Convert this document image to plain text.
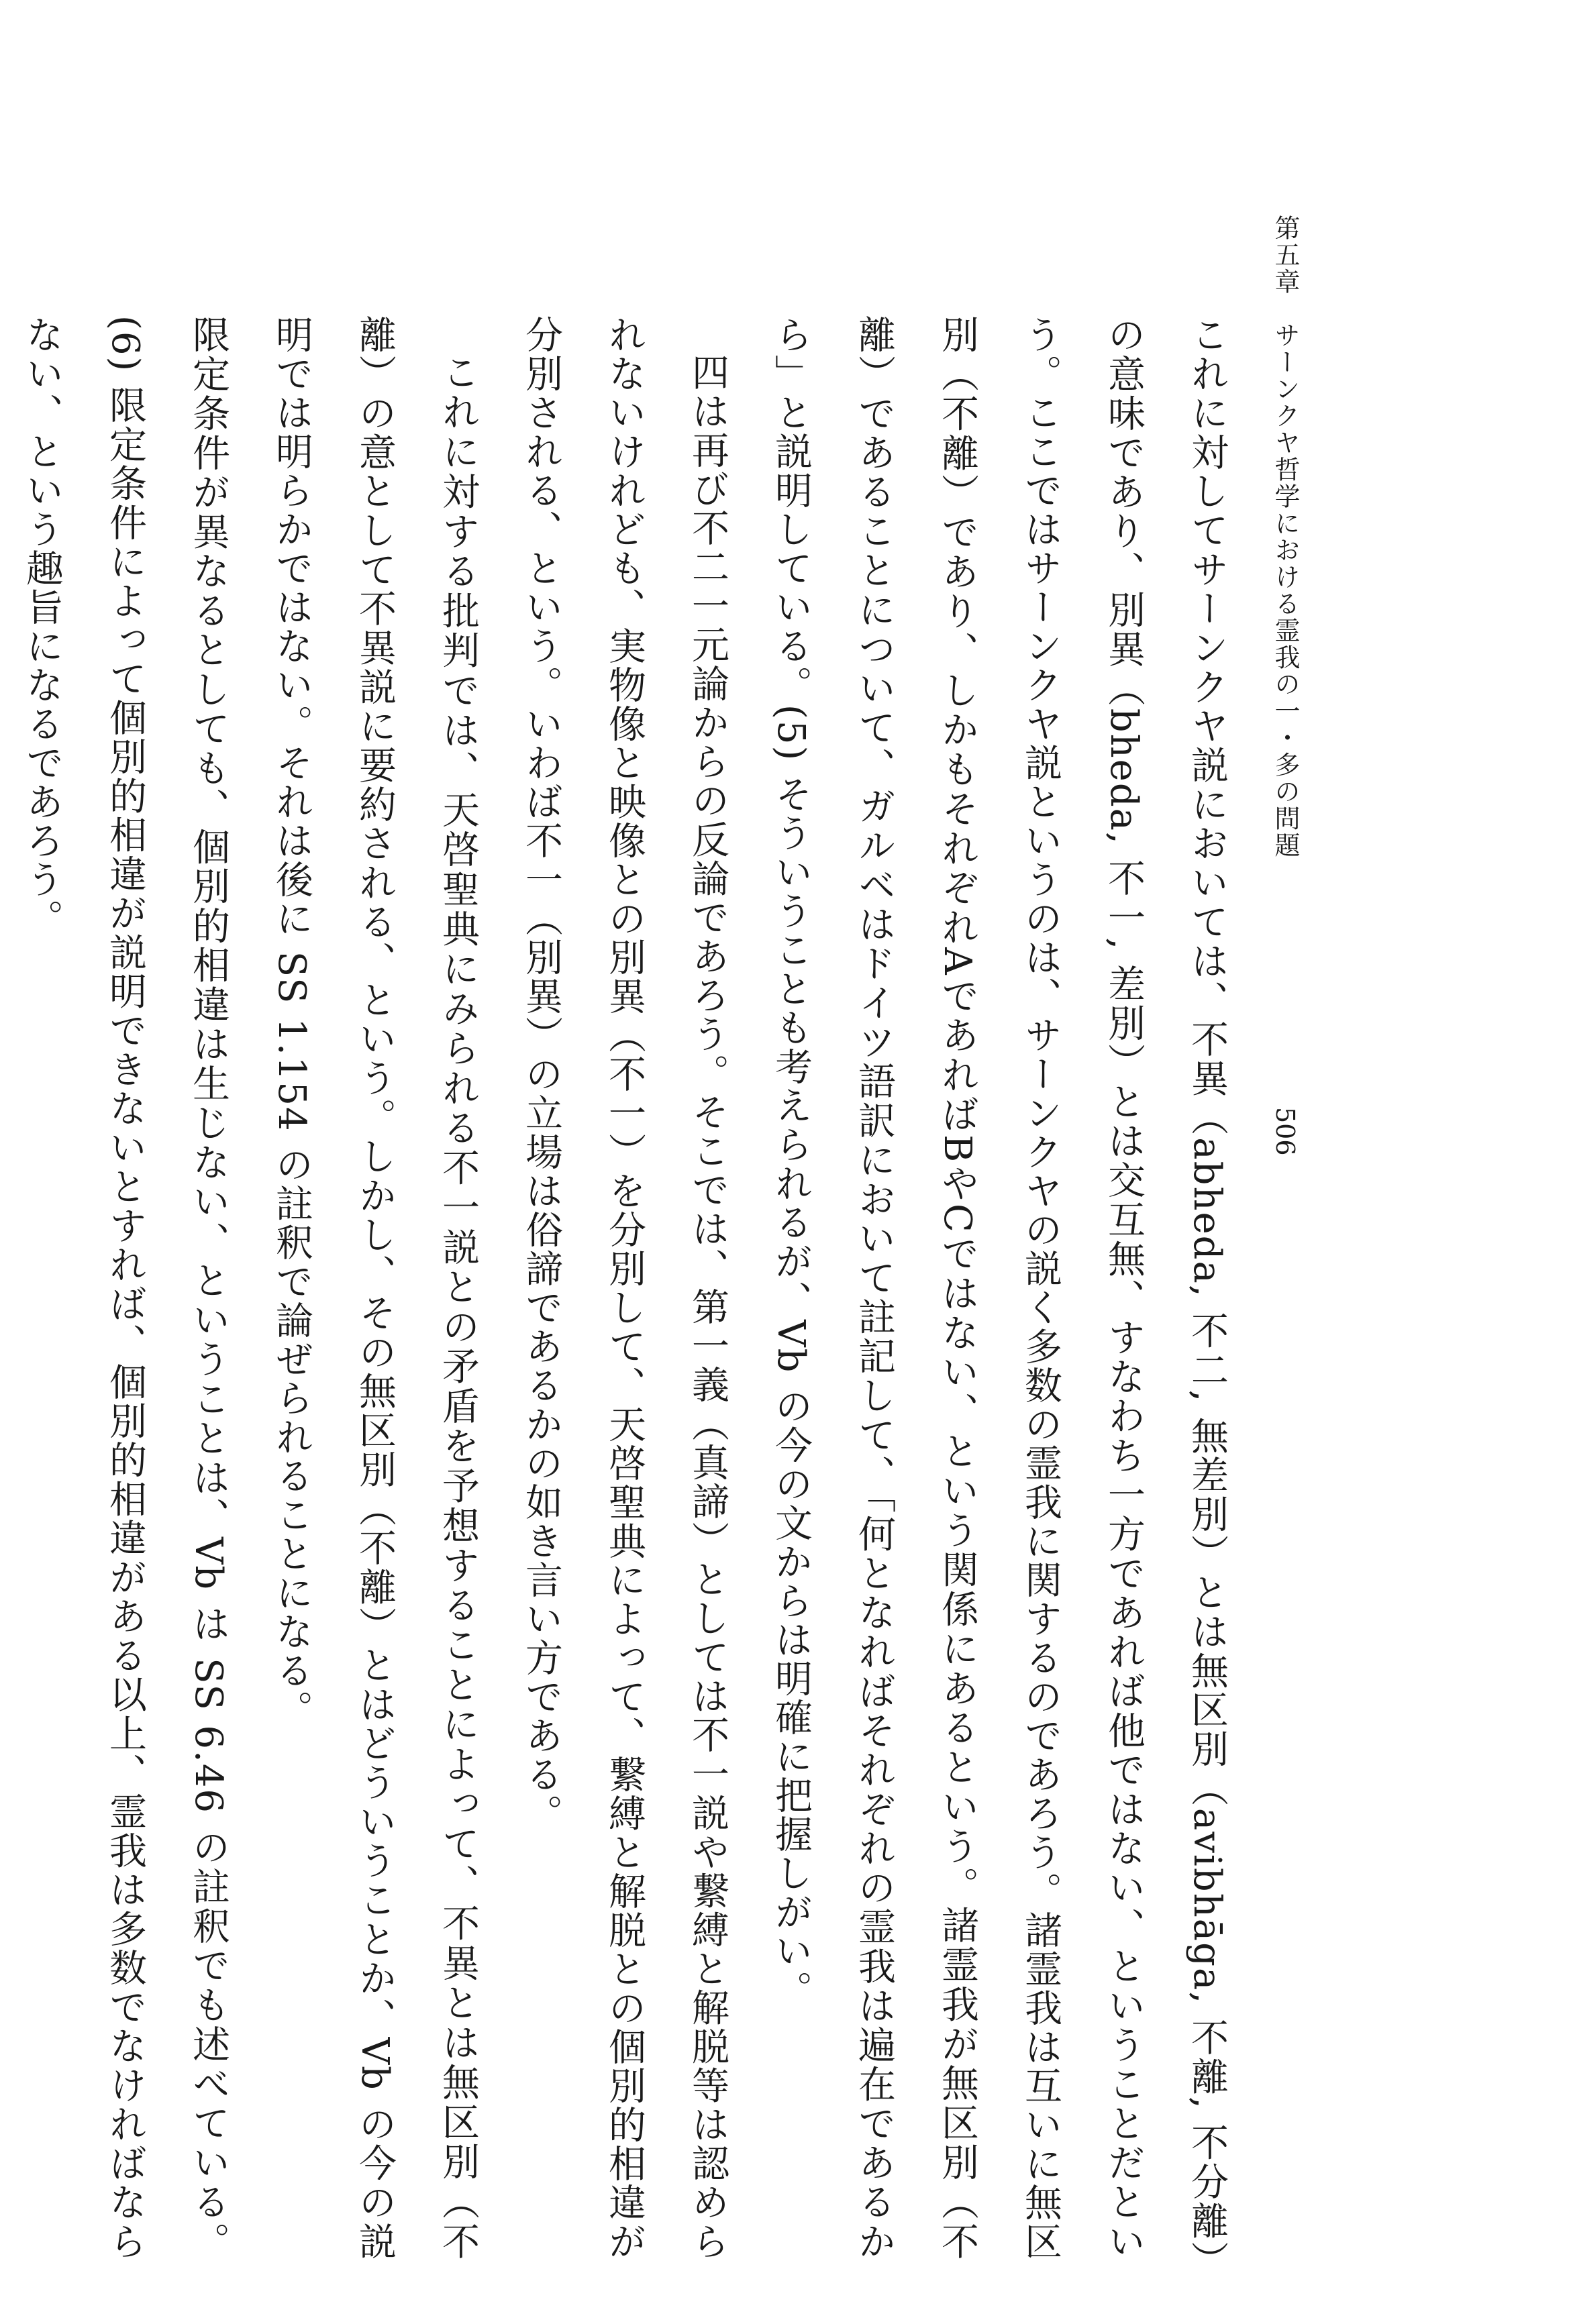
第五章　サーンクヤ哲学における霊我の一・多の問題
506

これに対してサーンクヤ説においては、不異（abheda, 不二, 無差別）とは無区別（avibhāga, 不離, 不分離）の意味であり、別異（bheda, 不一, 差別）とは交互無、すなわち一方であれば他ではない、ということだという。ここではサーンクヤ説というのは、サーンクヤの説く多数の霊我に関するのであろう。諸霊我は互いに無区別（不離）であり、しかもそれぞれAであればBやCではない、という関係にあるという。諸霊我が無区別（不離）であることについて、ガルベはドイツ語訳において註記して、「何となればそれぞれの霊我は遍在であるから」と説明している。(5) そういうことも考えられるが、Vb の今の文からは明確に把握しがい。

四は再び不二一元論からの反論であろう。そこでは、第一義（真諦）としては不一説や繋縛と解脱等は認められないけれども、実物像と映像との別異（不一）を分別して、天啓聖典によって、繋縛と解脱との個別的相違が分別される、という。いわば不一（別異）の立場は俗諦であるかの如き言い方である。

これに対する批判では、天啓聖典にみられる不一説との矛盾を予想することによって、不異とは無区別（不離）の意として不異説に要約される、という。しかし、その無区別（不離）とはどういうことか、Vb の今の説明では明らかではない。それは後に SS 1.154 の註釈で論ぜられることになる。

限定条件が異なるとしても、個別的相違は生じない、ということは、Vb は SS 6.46 の註釈でも述べている。(6) 限定条件によって個別的相違が説明できないとすれば、個別的相違がある以上、霊我は多数でなければならない、という趣旨になるであろう。
